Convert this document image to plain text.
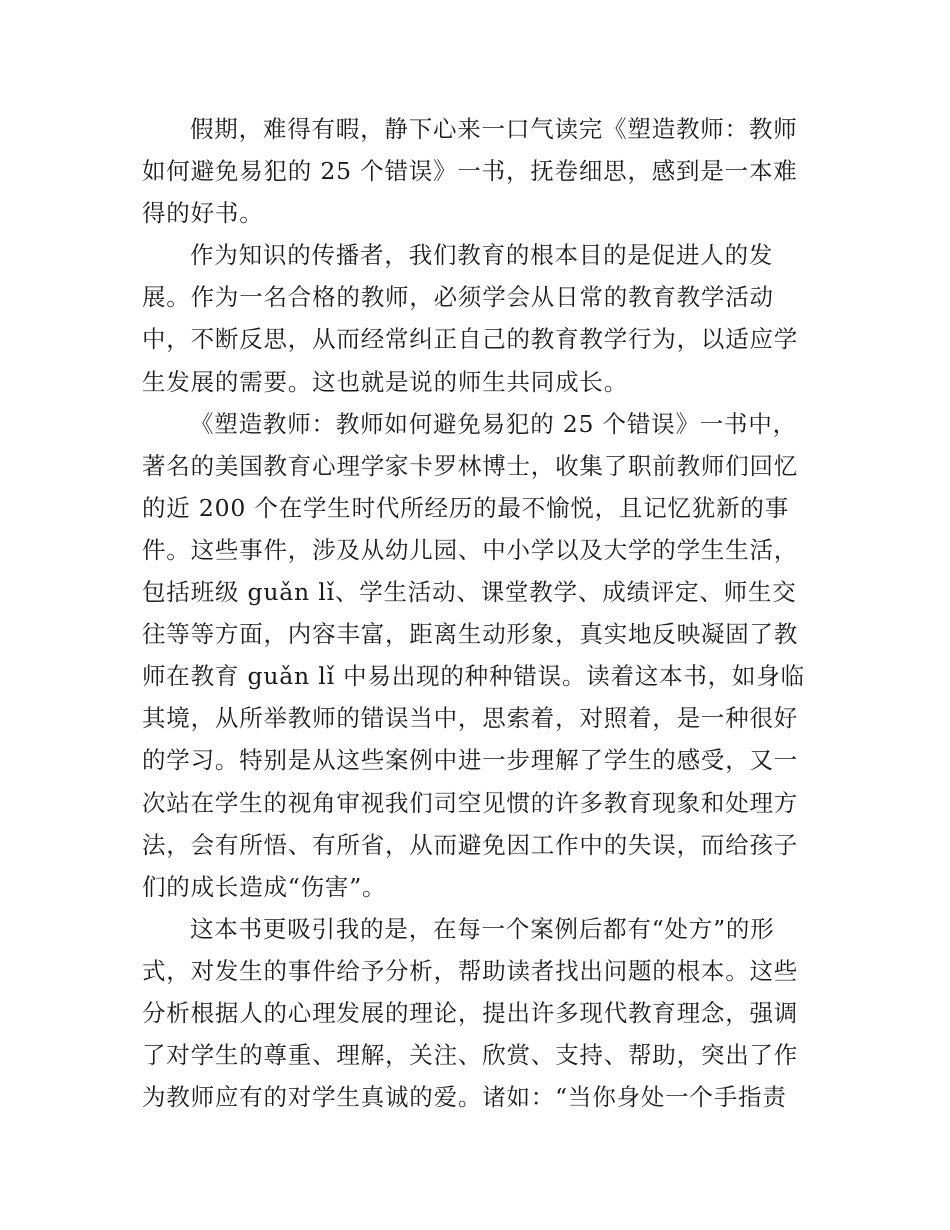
假期，难得有暇，静下心来一口气读完《塑造教师：教师
如何避免易犯的 25 个错误》一书，抚卷细思，感到是一本难
得的好书。
作为知识的传播者，我们教育的根本目的是促进人的发
展。作为一名合格的教师，必须学会从日常的教育教学活动
中，不断反思，从而经常纠正自己的教育教学行为，以适应学
生发展的需要。这也就是说的师生共同成长。
《塑造教师：教师如何避免易犯的 25 个错误》一书中，
著名的美国教育心理学家卡罗林博士，收集了职前教师们回忆
的近 200 个在学生时代所经历的最不愉悦，且记忆犹新的事
件。这些事件，涉及从幼儿园、中小学以及大学的学生生活，
包括班级 guǎn lǐ、学生活动、课堂教学、成绩评定、师生交
往等等方面，内容丰富，距离生动形象，真实地反映凝固了教
师在教育 guǎn lǐ 中易出现的种种错误。读着这本书，如身临
其境，从所举教师的错误当中，思索着，对照着，是一种很好
的学习。特别是从这些案例中进一步理解了学生的感受，又一
次站在学生的视角审视我们司空见惯的许多教育现象和处理方
法，会有所悟、有所省，从而避免因工作中的失误，而给孩子
们的成长造成“伤害”。
这本书更吸引我的是，在每一个案例后都有“处方”的形
式，对发生的事件给予分析，帮助读者找出问题的根本。这些
分析根据人的心理发展的理论，提出许多现代教育理念，强调
了对学生的尊重、理解，关注、欣赏、支持、帮助，突出了作
为教师应有的对学生真诚的爱。诸如：“当你身处一个手指责
